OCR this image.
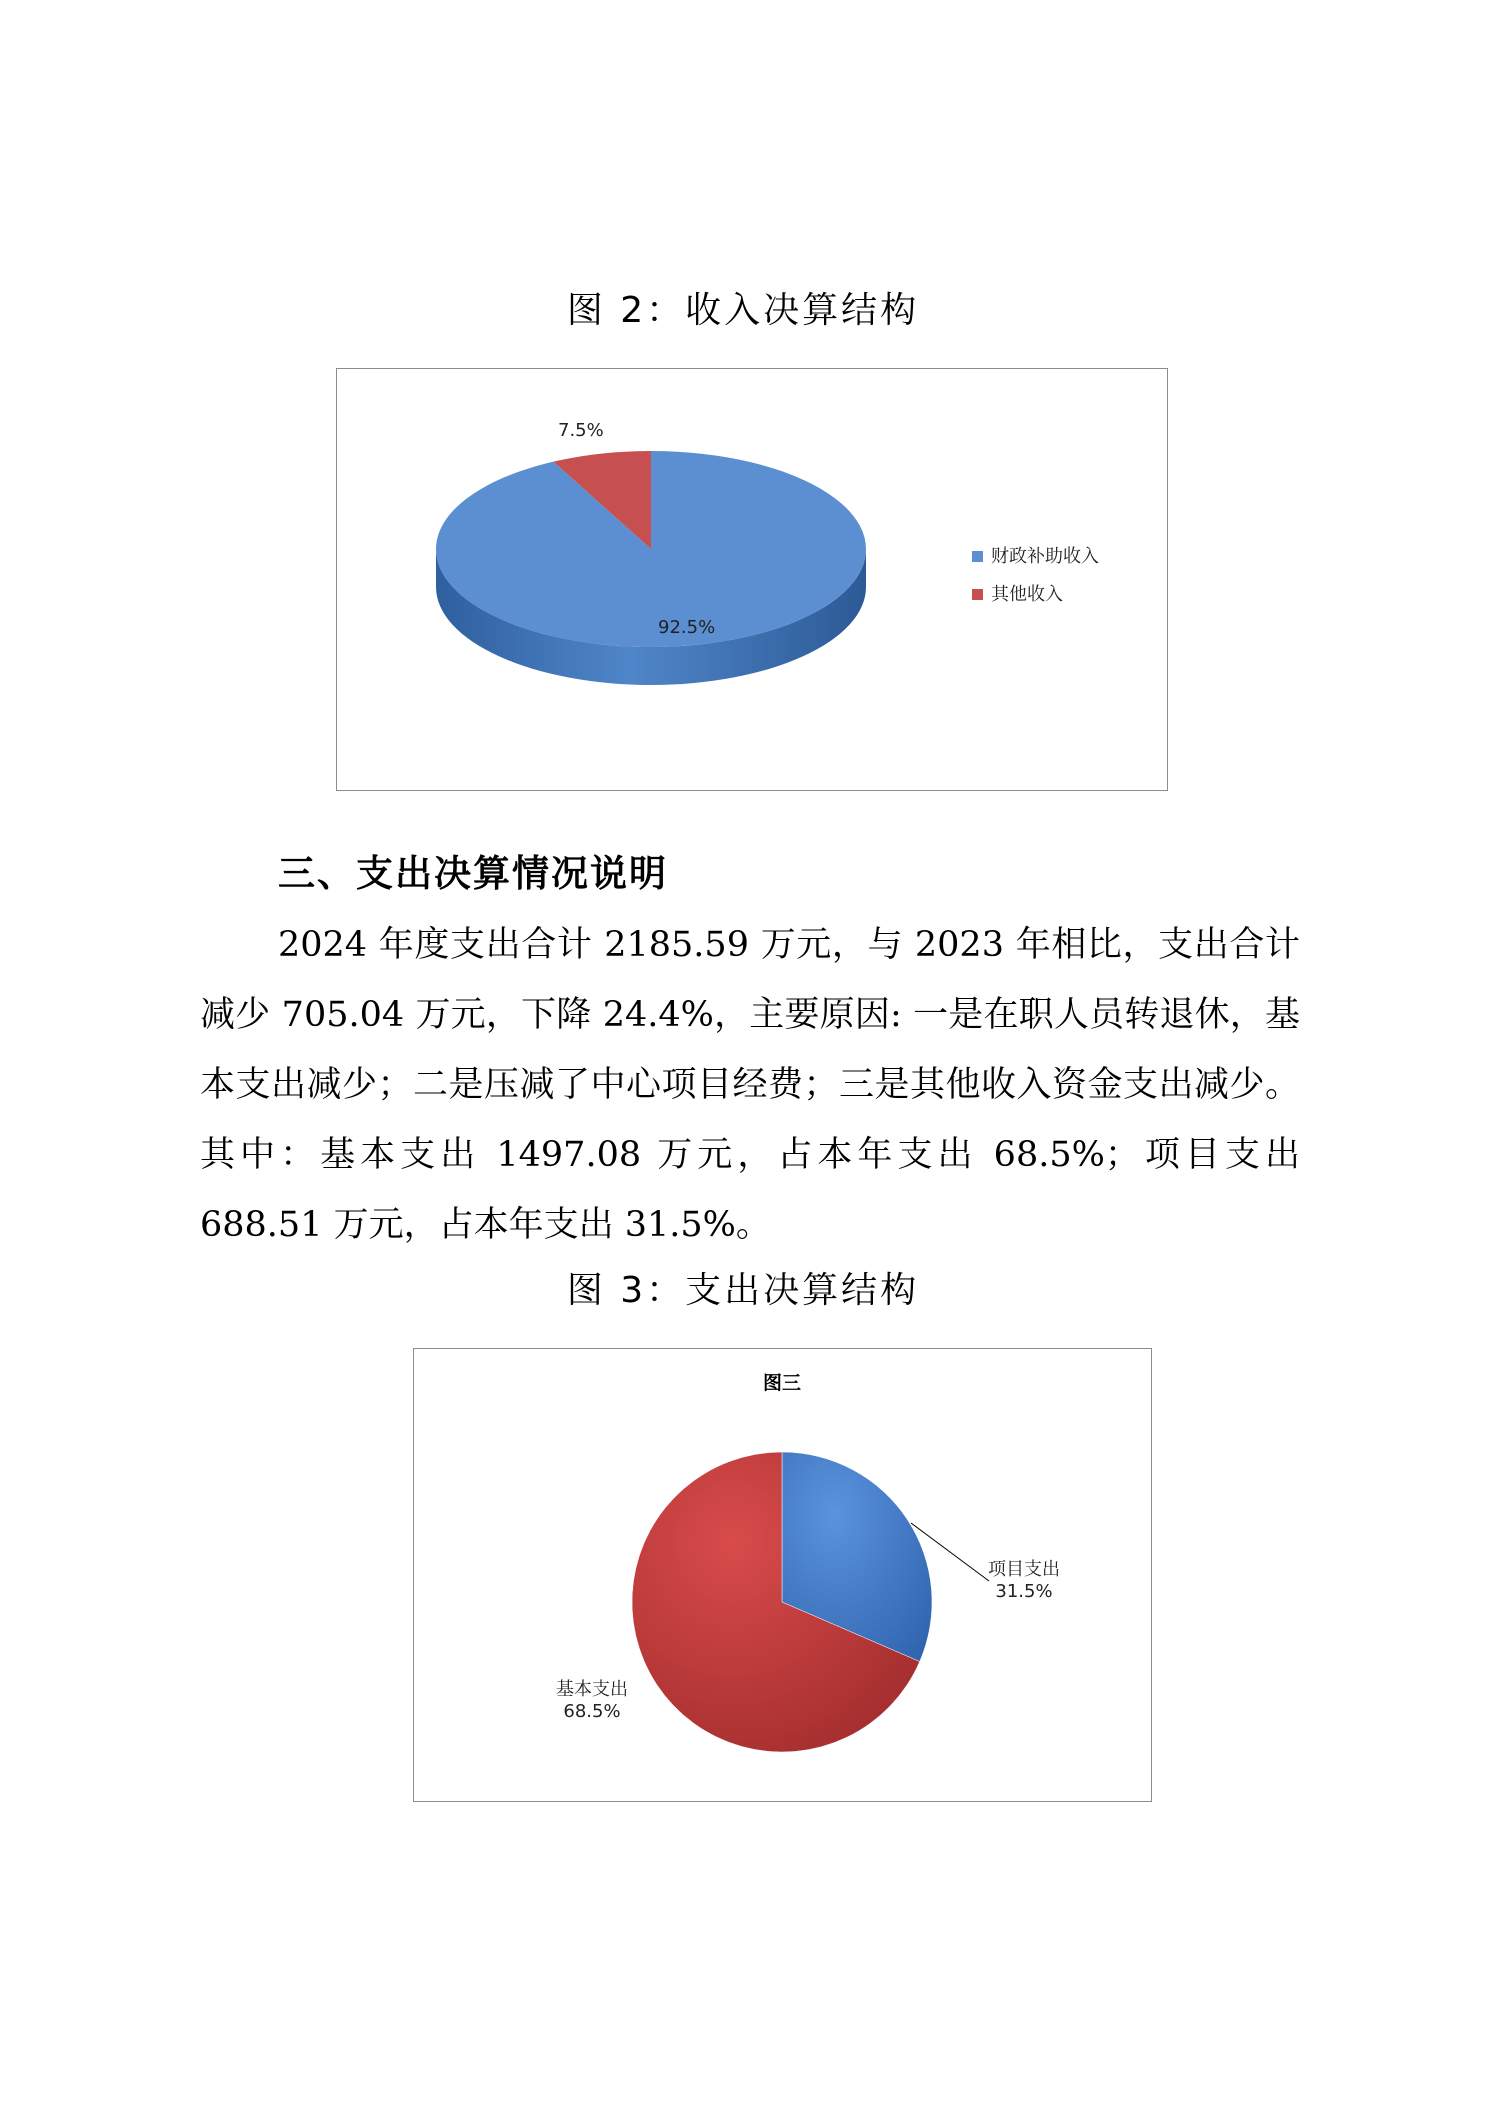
图 2：收入决算结构
92.5%
7.5%
财政补助收入
其他收入
三、支出决算情况说明
2024 年度支出合计 2185.59 万元，与 2023 年相比，支出合计减少 705.04 万元，下降 24.4%，主要原因: 一是在职人员转退休，基本支出减少；二是压减了中心项目经费；三是其他收入资金支出减少。其中：基本支出 1497.08 万元，占本年支出 68.5%；项目支出 688.51 万元，占本年支出 31.5%。
图 3：支出决算结构
图三
项目支出
31.5%
基本支出
68.5%
